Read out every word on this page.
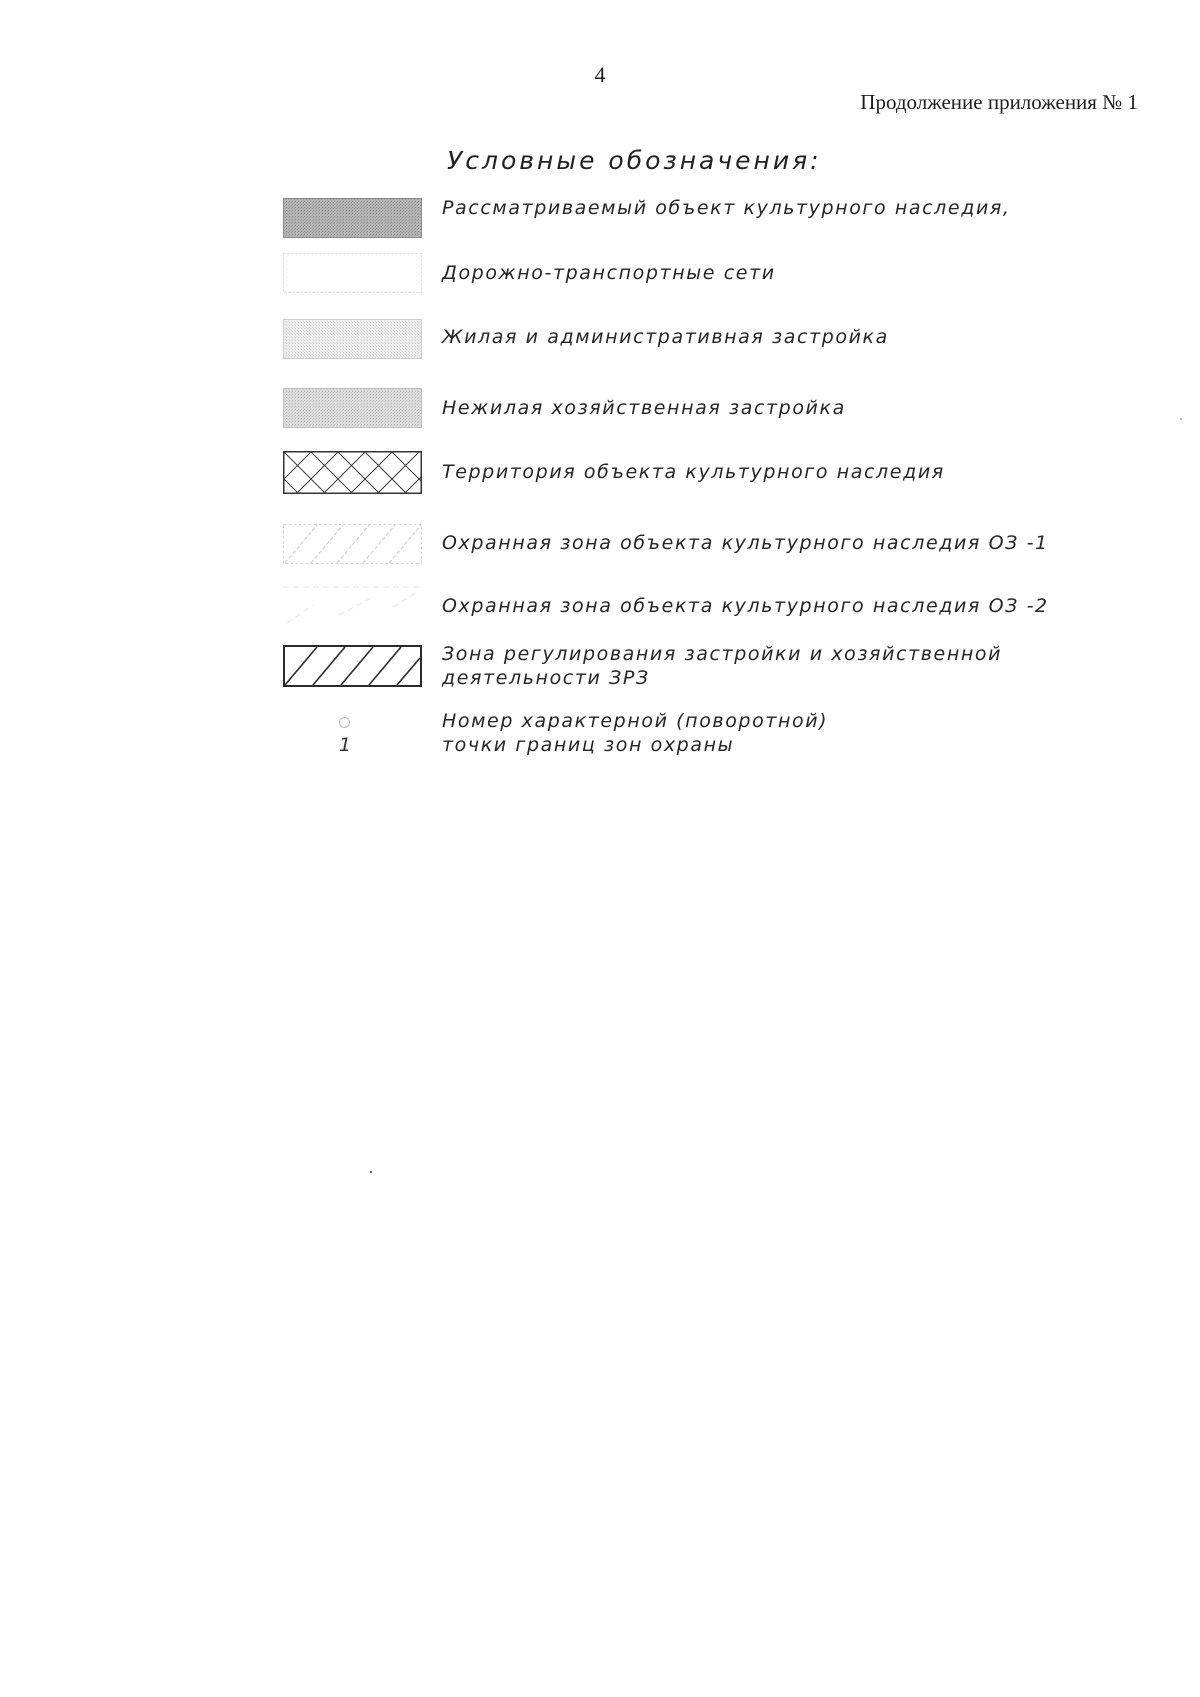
4
Продолжение приложения № 1
Условные обозначения:
Рассматриваемый объект культурного наследия,
Дорожно-транспортные сети
Жилая и административная застройка
Нежилая хозяйственная застройка
Территория объекта культурного наследия
Охранная зона объекта культурного наследия ОЗ -1
Охранная зона объекта культурного наследия ОЗ -2
Зона регулирования застройки и хозяйственной
деятельности ЗРЗ
1
Номер характерной (поворотной)
точки границ зон охраны
